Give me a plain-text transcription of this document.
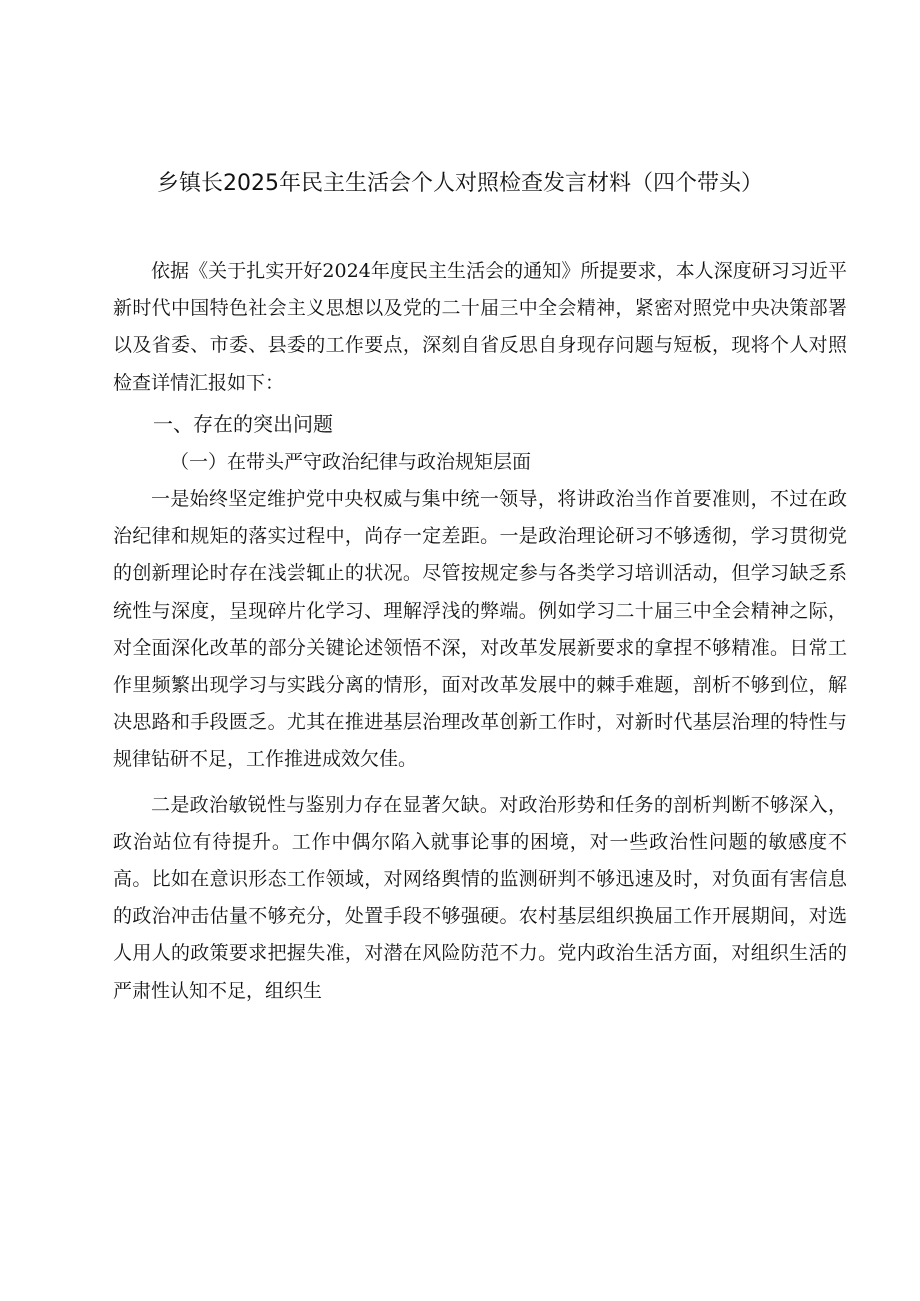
乡镇长2025年民主生活会个人对照检查发言材料（四个带头）

依据《关于扎实开好2024年度民主生活会的通知》所提要求，本人深度研习习近平新时代中国特色社会主义思想以及党的二十届三中全会精神，紧密对照党中央决策部署以及省委、市委、县委的工作要点，深刻自省反思自身现存问题与短板，现将个人对照检查详情汇报如下：

一、存在的突出问题

（一）在带头严守政治纪律与政治规矩层面

一是始终坚定维护党中央权威与集中统一领导，将讲政治当作首要准则，不过在政治纪律和规矩的落实过程中，尚存一定差距。一是政治理论研习不够透彻，学习贯彻党的创新理论时存在浅尝辄止的状况。尽管按规定参与各类学习培训活动，但学习缺乏系统性与深度，呈现碎片化学习、理解浮浅的弊端。例如学习二十届三中全会精神之际，对全面深化改革的部分关键论述领悟不深，对改革发展新要求的拿捏不够精准。日常工作里频繁出现学习与实践分离的情形，面对改革发展中的棘手难题，剖析不够到位，解决思路和手段匮乏。尤其在推进基层治理改革创新工作时，对新时代基层治理的特性与规律钻研不足，工作推进成效欠佳。

二是政治敏锐性与鉴别力存在显著欠缺。对政治形势和任务的剖析判断不够深入，政治站位有待提升。工作中偶尔陷入就事论事的困境，对一些政治性问题的敏感度不高。比如在意识形态工作领域，对网络舆情的监测研判不够迅速及时，对负面有害信息的政治冲击估量不够充分，处置手段不够强硬。农村基层组织换届工作开展期间，对选人用人的政策要求把握失准，对潜在风险防范不力。党内政治生活方面，对组织生活的严肃性认知不足，组织生
